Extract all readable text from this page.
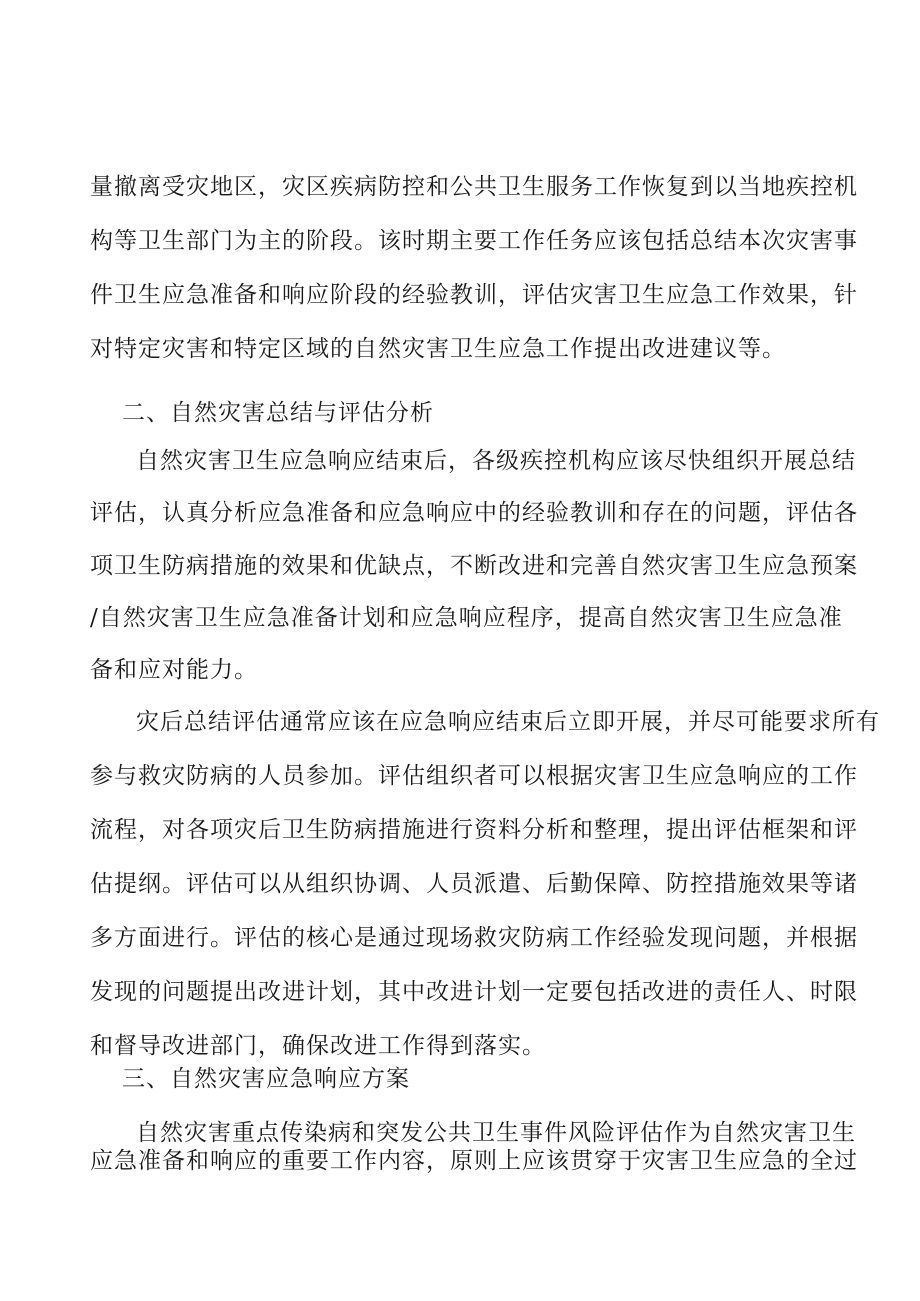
量撤离受灾地区，灾区疾病防控和公共卫生服务工作恢复到以当地疾控机
构等卫生部门为主的阶段。该时期主要工作任务应该包括总结本次灾害事
件卫生应急准备和响应阶段的经验教训，评估灾害卫生应急工作效果，针
对特定灾害和特定区域的自然灾害卫生应急工作提出改进建议等。
二、自然灾害总结与评估分析
自然灾害卫生应急响应结束后，各级疾控机构应该尽快组织开展总结
评估，认真分析应急准备和应急响应中的经验教训和存在的问题，评估各
项卫生防病措施的效果和优缺点，不断改进和完善自然灾害卫生应急预案
/自然灾害卫生应急准备计划和应急响应程序，提高自然灾害卫生应急准
备和应对能力。
灾后总结评估通常应该在应急响应结束后立即开展，并尽可能要求所有
参与救灾防病的人员参加。评估组织者可以根据灾害卫生应急响应的工作
流程，对各项灾后卫生防病措施进行资料分析和整理，提出评估框架和评
估提纲。评估可以从组织协调、人员派遣、后勤保障、防控措施效果等诸
多方面进行。评估的核心是通过现场救灾防病工作经验发现问题，并根据
发现的问题提出改进计划，其中改进计划一定要包括改进的责任人、时限
和督导改进部门，确保改进工作得到落实。
三、自然灾害应急响应方案
自然灾害重点传染病和突发公共卫生事件风险评估作为自然灾害卫生
应急准备和响应的重要工作内容，原则上应该贯穿于灾害卫生应急的全过
